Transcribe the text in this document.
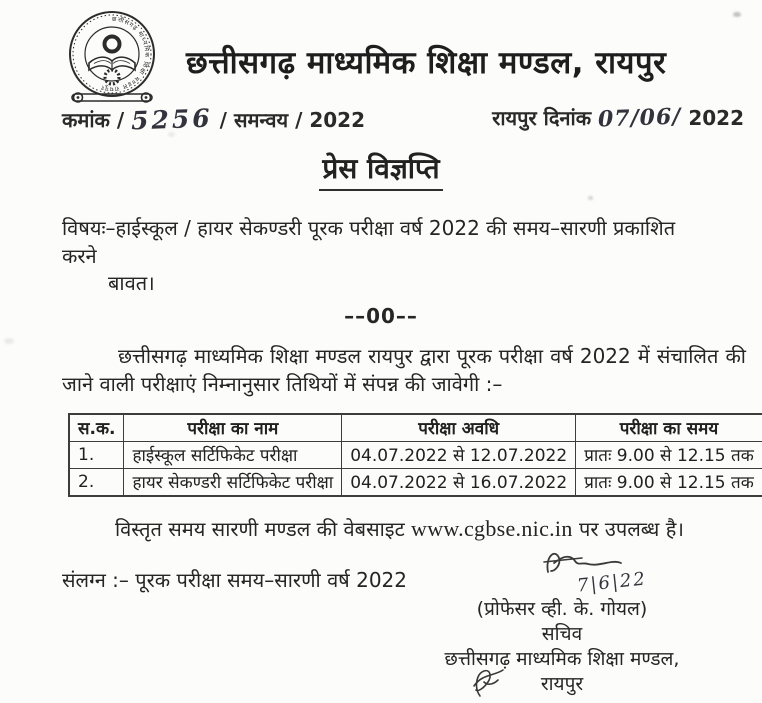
छत्तीसगढ़ माध्यमिक शिक्षा मण्डल रायपुर
छत्तीसगढ़ माध्यमिक शिक्षा मण्डल, रायपुर
कमांक / 5256 / समन्वय / 2022	रायपुर दिनांक 07/06/ 2022
प्रेस विज्ञप्ति
विषयः–हाईस्कूल / हायर सेकण्डरी पूरक परीक्षा वर्ष 2022 की समय–सारणी प्रकाशित करने
बावत।
––00––

छत्तीसगढ़ माध्यमिक शिक्षा मण्डल रायपुर द्वारा पूरक परीक्षा वर्ष 2022 में संचालित की जाने वाली परीक्षाएं निम्नानुसार तिथियों में संपन्न की जावेगी :–

स.क.	परीक्षा का नाम	परीक्षा अवधि	परीक्षा का समय
1.	हाईस्कूल सर्टिफिकेट परीक्षा	04.07.2022 से 12.07.2022	प्रातः 9.00 से 12.15 तक
2.	हायर सेकण्डरी सर्टिफिकेट परीक्षा	04.07.2022 से 16.07.2022	प्रातः 9.00 से 12.15 तक

विस्तृत समय सारणी मण्डल की वेबसाइट www.cgbse.nic.in पर उपलब्ध है।

संलग्न :– पूरक परीक्षा समय–सारणी वर्ष 2022	7|6|22
(प्रोफेसर व्ही. के. गोयल)
सचिव
छत्तीसगढ़ माध्यमिक शिक्षा मण्डल,
रायपुर
